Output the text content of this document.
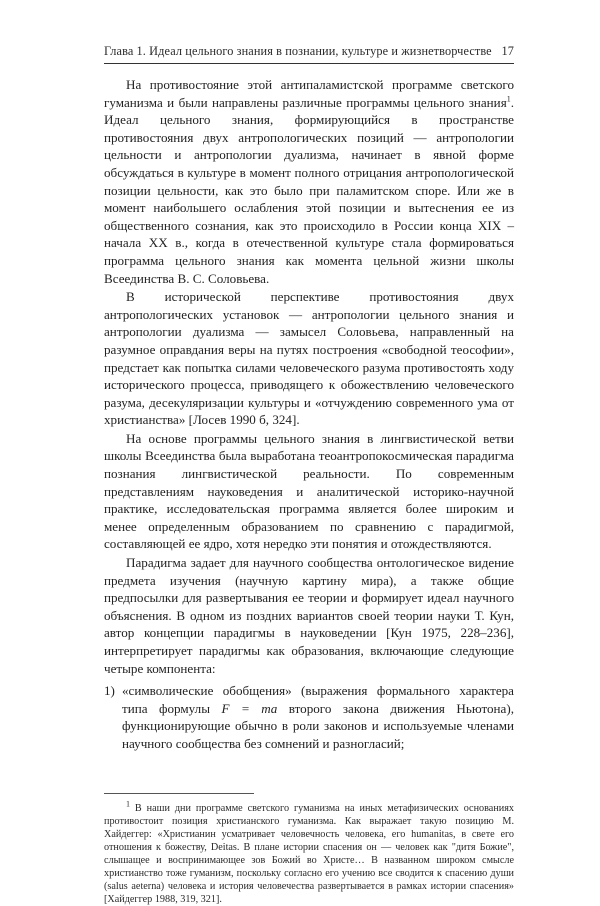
Глава 1. Идеал цельного знания в познании, культуре и жизнетворчестве 17

На противостояние этой антипаламистской программе светского гуманизма и были направлены различные программы цельного знания$^1$. Идеал цельного знания, формирующийся в пространстве противостояния двух антропологических позиций — антропологии цельности и антропологии дуализма, начинает в явной форме обсуждаться в культуре в момент полного отрицания антропологической позиции цельности, как это было при паламитском споре. Или же в момент наибольшего ослабления этой позиции и вытеснения ее из общественного сознания, как это происходило в России конца XIX – начала XX в., когда в отечественной культуре стала формироваться программа цельного знания как момента цельной жизни школы Всеединства В. С. Соловьева.

В исторической перспективе противостояния двух антропологических установок — антропологии цельного знания и антропологии дуализма — замысел Соловьева, направленный на разумное оправдания веры на путях построения «свободной теософии», предстает как попытка силами человеческого разума противостоять ходу исторического процесса, приводящего к обожествлению человеческого разума, десекуляризации культуры и «отчуждению современного ума от христианства» [Лосев 1990 б, 324].

На основе программы цельного знания в лингвистической ветви школы Всеединства была выработана теоантропокосмическая парадигма познания лингвистической реальности. По современным представлениям науковедения и аналитической историко-научной практике, исследовательская программа является более широким и менее определенным образованием по сравнению с парадигмой, составляющей ее ядро, хотя нередко эти понятия и отождествляются.

Парадигма задает для научного сообщества онтологическое видение предмета изучения (научную картину мира), а также общие предпосылки для развертывания ее теории и формирует идеал научного объяснения. В одном из поздних вариантов своей теории науки Т. Кун, автор концепции парадигмы в науковедении [Кун 1975, 228–236], интерпретирует парадигмы как образования, включающие следующие четыре компонента:

1) «символические обобщения» (выражения формального характера типа формулы F = ma второго закона движения Ньютона), функционирующие обычно в роли законов и используемые членами научного сообщества без сомнений и разногласий;
$^1$ В наши дни программе светского гуманизма на иных метафизических основаниях противостоит позиция христианского гуманизма. Как выражает такую позицию М. Хайдеггер: «Христианин усматривает человечность человека, его humanitas, в свете его отношения к божеству, Deitas. В плане истории спасения он — человек как "дитя Божие", слышащее и воспринимающее зов Божий во Христе… В названном широком смысле христианство тоже гуманизм, поскольку согласно его учению все сводится к спасению души (salus aeterna) человека и история человечества развертывается в рамках истории спасения» [Хайдеггер 1988, 319, 321].
